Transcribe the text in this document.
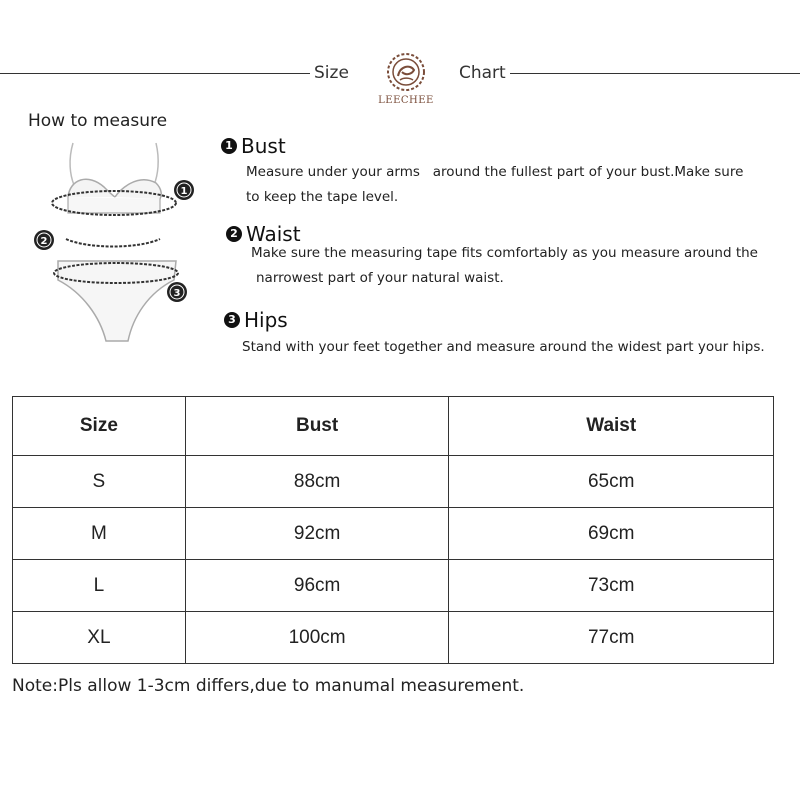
Size	Chart
LEECHEE
How to measure
1
2
3
1 Bust
Measure under your arms   around the fullest part of your bust.Make sure
to keep the tape level.
2 Waist
Make sure the measuring tape fits comfortably as you measure around the
narrowest part of your natural waist.
3 Hips
Stand with your feet together and measure around the widest part your hips.
Size	Bust	Waist
S	88cm	65cm
M	92cm	69cm
L	96cm	73cm
XL	100cm	77cm
Note:Pls allow 1-3cm differs,due to manumal measurement.
